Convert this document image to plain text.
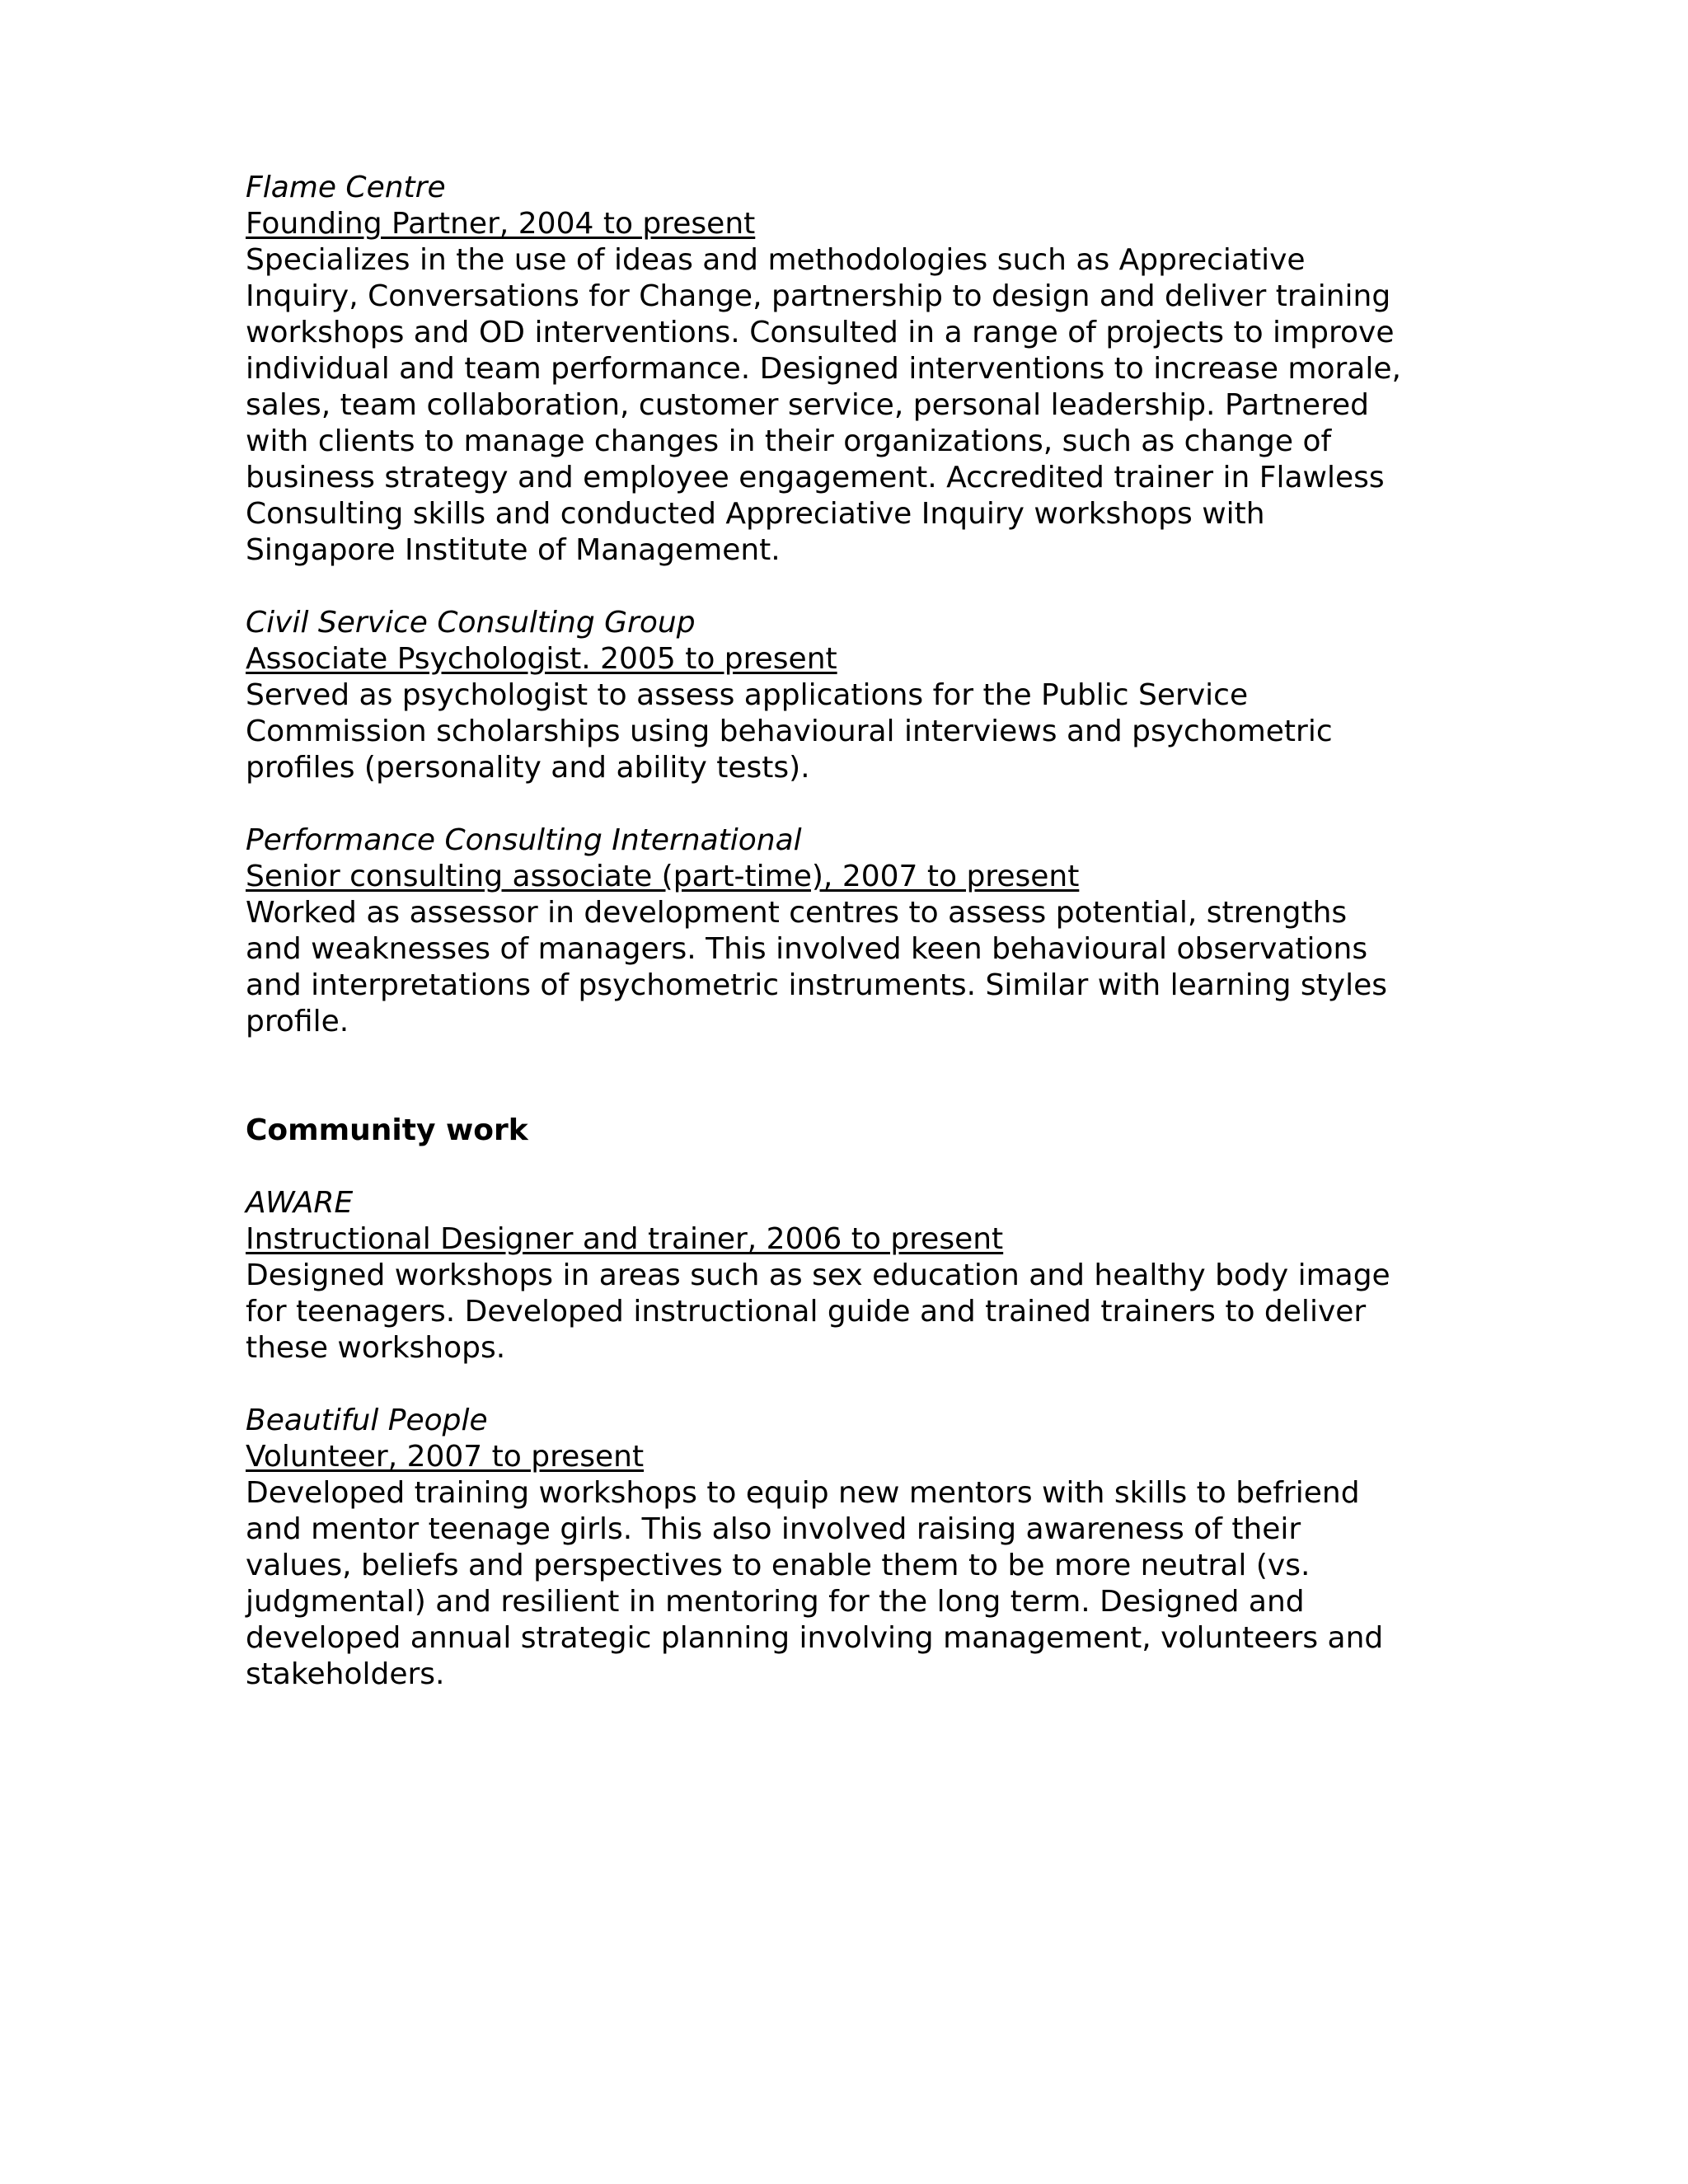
Flame Centre
Founding Partner, 2004 to present
Specializes in the use of ideas and methodologies such as Appreciative
Inquiry, Conversations for Change, partnership to design and deliver training
workshops and OD interventions. Consulted in a range of projects to improve
individual and team performance. Designed interventions to increase morale,
sales, team collaboration, customer service, personal leadership. Partnered
with clients to manage changes in their organizations, such as change of
business strategy and employee engagement. Accredited trainer in Flawless
Consulting skills and conducted Appreciative Inquiry workshops with
Singapore Institute of Management.
Civil Service Consulting Group
Associate Psychologist. 2005 to present
Served as psychologist to assess applications for the Public Service
Commission scholarships using behavioural interviews and psychometric
profiles (personality and ability tests).
Performance Consulting International
Senior consulting associate (part-time), 2007 to present
Worked as assessor in development centres to assess potential, strengths
and weaknesses of managers. This involved keen behavioural observations
and interpretations of psychometric instruments. Similar with learning styles
profile.
Community work
AWARE
Instructional Designer and trainer, 2006 to present
Designed workshops in areas such as sex education and healthy body image
for teenagers. Developed instructional guide and trained trainers to deliver
these workshops.
Beautiful People
Volunteer, 2007 to present
Developed training workshops to equip new mentors with skills to befriend
and mentor teenage girls. This also involved raising awareness of their
values, beliefs and perspectives to enable them to be more neutral (vs.
judgmental) and resilient in mentoring for the long term. Designed and
developed annual strategic planning involving management, volunteers and
stakeholders.
